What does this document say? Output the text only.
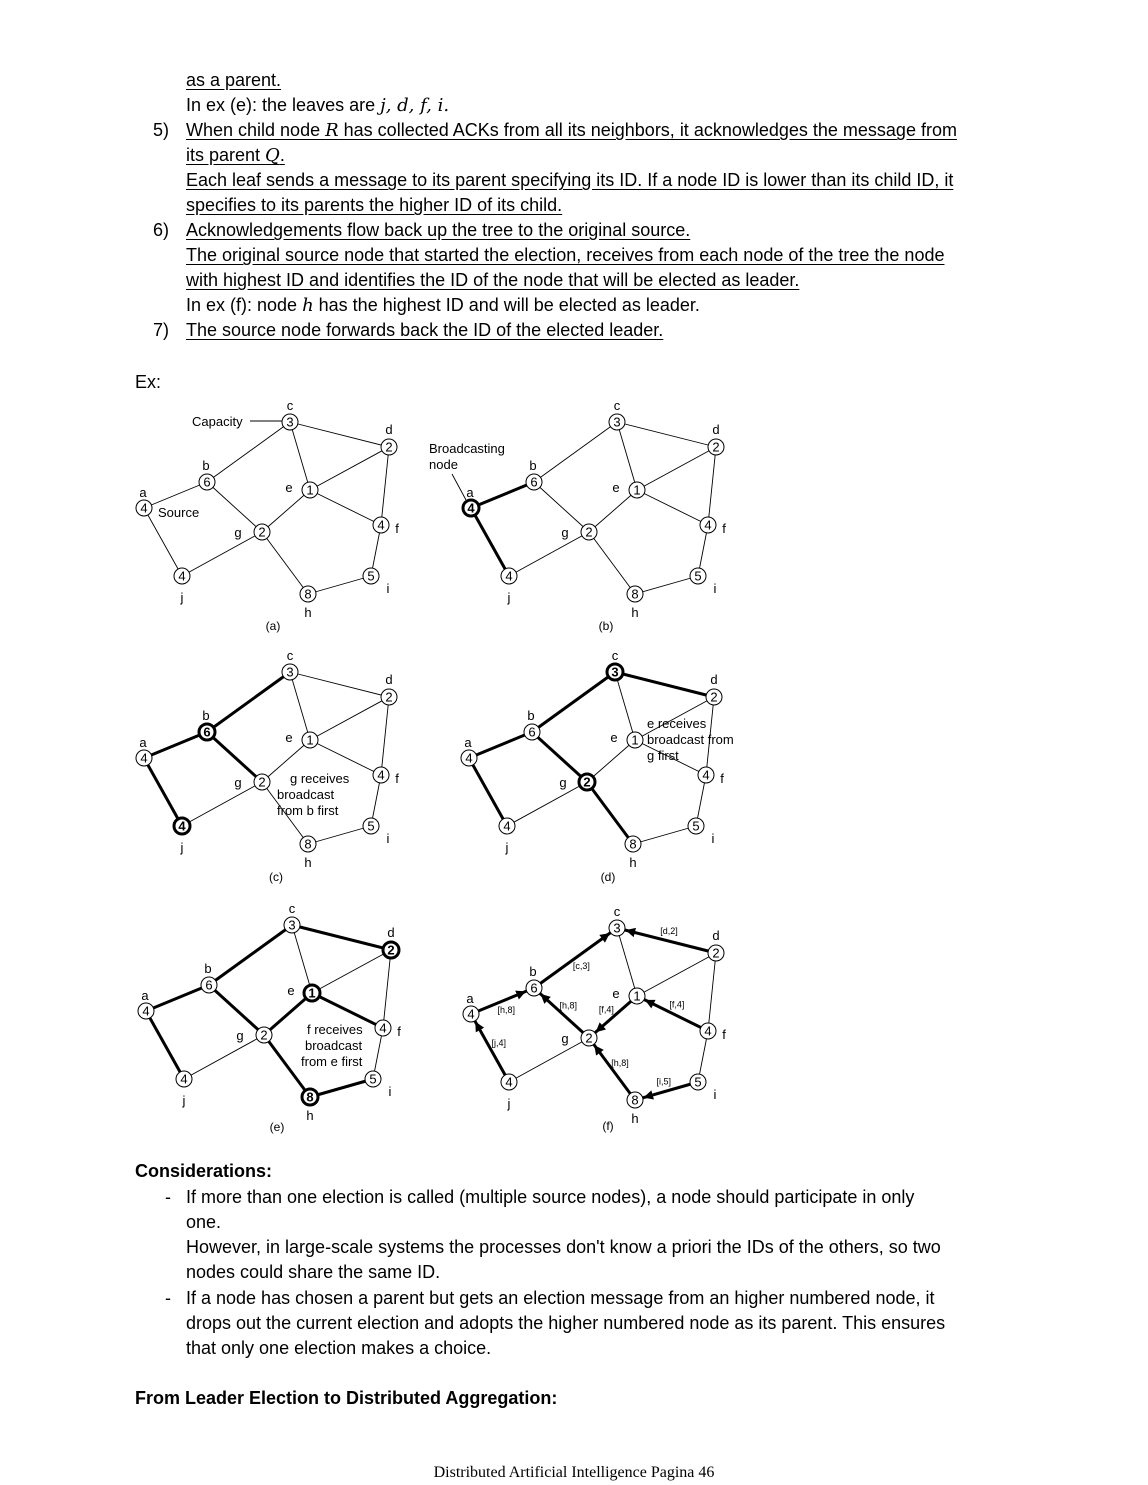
as a parent.
In ex (e): the leaves are j, d, f, i.
5) When child node R has collected ACKs from all its neighbors, it acknowledges the message from
its parent Q.
Each leaf sends a message to its parent specifying its ID. If a node ID is lower than its child ID, it
specifies to its parents the higher ID of its child.
6) Acknowledgements flow back up the tree to the original source.
The original source node that started the election, receives from each node of the tree the node
with highest ID and identifies the ID of the node that will be elected as leader.
In ex (f): node h has the highest ID and will be elected as leader.
7) The source node forwards back the ID of the elected leader.
Ex:
4
a
6
b
3
c
2
d
1
e
4 f
2
g
8
h
5
i
4
j
(a)
Capacity
Source	4
a
6
b
3
c
2
d
1
e
4 f
2
g
8
h
5
i
4
j
(b)
Broadcasting
node
4
a
6
b
3
c
2
d
1
e
4 f
2
g
8
h
5
i
4
j
(c)
g receives
broadcast
from b first
4
a
6
b
3
c
2
d
1
e
4 f
2
g
8
h
5
i
4
j
(d)
e receives
broadcast from
g first
4
a
6
b
3
c
2
d
1
e
4 f
2
g
8
h
5
i
4
j
(e)
f receives
broadcast
from e first
4
a
6
b
3
c
2
d
1
e
4 f
2
g
8
h
5
i
4
j
(f)
[d,2]
[c,3]
[h,8]	[h,8]
[j,4]
[f,4]	[f,4]
[h,8]
[i,5]
Considerations:
- If more than one election is called (multiple source nodes), a node should participate in only
one.
However, in large-scale systems the processes don't know a priori the IDs of the others, so two
nodes could share the same ID.
- If a node has chosen a parent but gets an election message from an higher numbered node, it
drops out the current election and adopts the higher numbered node as its parent. This ensures
that only one election makes a choice.
From Leader Election to Distributed Aggregation:
Distributed Artificial Intelligence Pagina 46
